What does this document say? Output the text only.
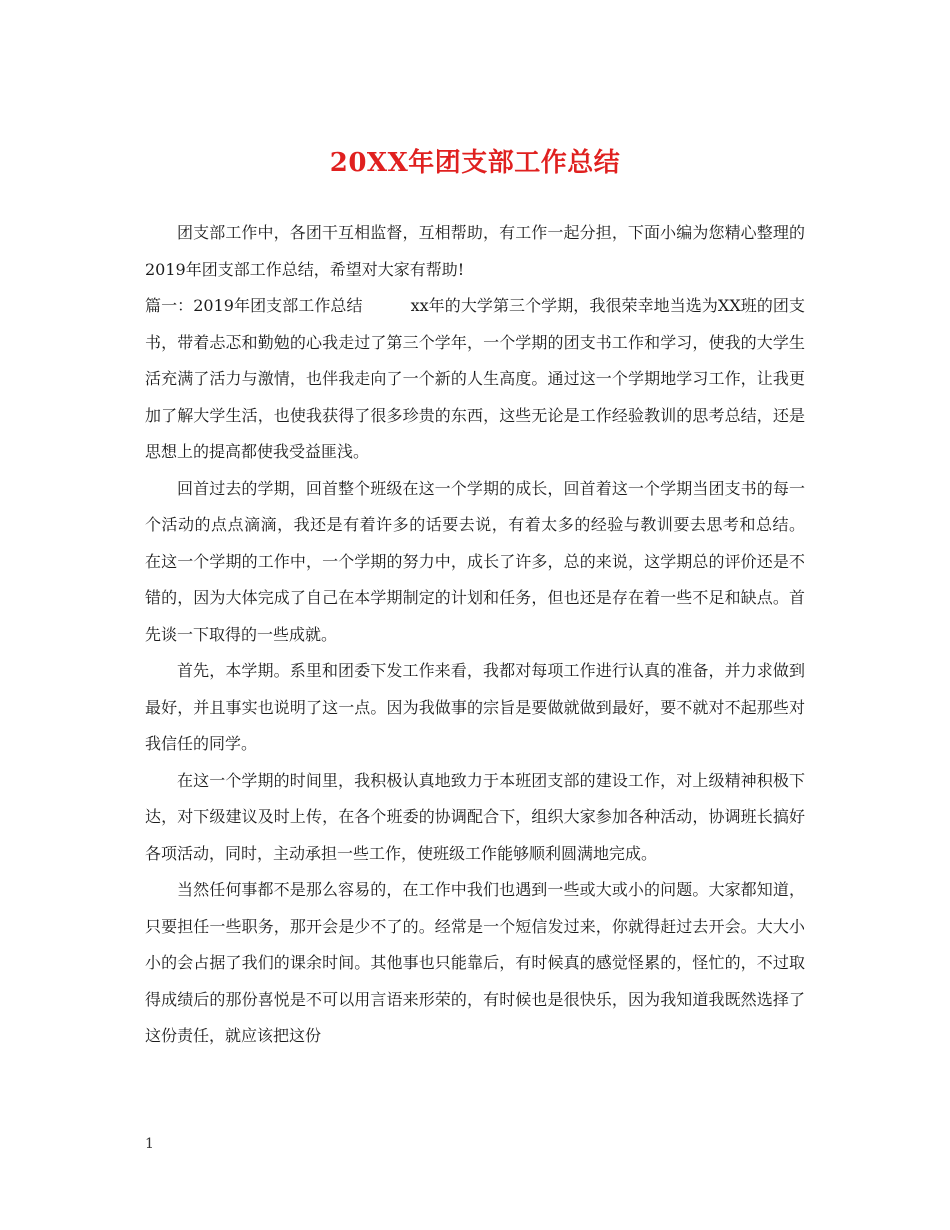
20XX年团支部工作总结

团支部工作中，各团干互相监督，互相帮助，有工作一起分担，下面小编为您精心整理的2019年团支部工作总结，希望对大家有帮助!

篇一：2019年团支部工作总结	xx年的大学第三个学期，我很荣幸地当选为XX班的团支书，带着忐忑和勤勉的心我走过了第三个学年，一个学期的团支书工作和学习，使我的大学生活充满了活力与激情，也伴我走向了一个新的人生高度。通过这一个学期地学习工作，让我更加了解大学生活，也使我获得了很多珍贵的东西，这些无论是工作经验教训的思考总结，还是思想上的提高都使我受益匪浅。

回首过去的学期，回首整个班级在这一个学期的成长，回首着这一个学期当团支书的每一个活动的点点滴滴，我还是有着许多的话要去说，有着太多的经验与教训要去思考和总结。 在这一个学期的工作中，一个学期的努力中，成长了许多，总的来说，这学期总的评价还是不错的，因为大体完成了自己在本学期制定的计划和任务，但也还是存在着一些不足和缺点。首先谈一下取得的一些成就。

首先，本学期。系里和团委下发工作来看，我都对每项工作进行认真的准备，并力求做到最好，并且事实也说明了这一点。因为我做事的宗旨是要做就做到最好，要不就对不起那些对我信任的同学。

在这一个学期的时间里，我积极认真地致力于本班团支部的建设工作，对上级精神积极下达，对下级建议及时上传，在各个班委的协调配合下，组织大家参加各种活动，协调班长搞好各项活动，同时，主动承担一些工作，使班级工作能够顺利圆满地完成。

当然任何事都不是那么容易的，在工作中我们也遇到一些或大或小的问题。大家都知道，只要担任一些职务，那开会是少不了的。经常是一个短信发过来，你就得赶过去开会。大大小小的会占据了我们的课余时间。其他事也只能靠后，有时候真的感觉怪累的，怪忙的，不过取得成绩后的那份喜悦是不可以用言语来形荣的，有时候也是很快乐，因为我知道我既然选择了这份责任，就应该把这份

1
